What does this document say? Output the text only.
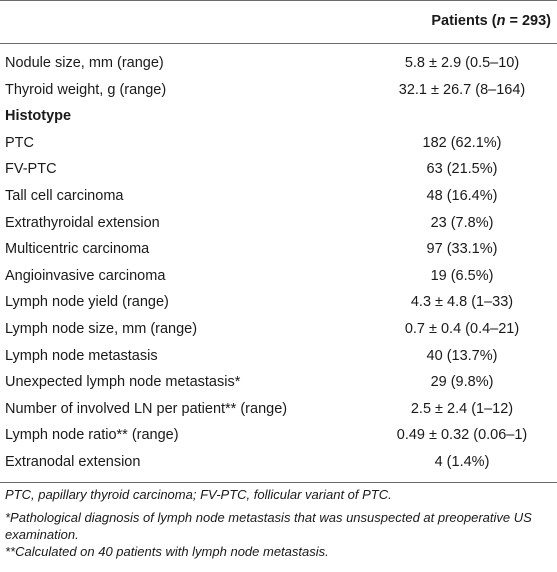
Patients (n = 293)
Nodule size, mm (range)	5.8 ± 2.9 (0.5–10)
Thyroid weight, g (range)	32.1 ± 26.7 (8–164)
Histotype
PTC	182 (62.1%)
FV-PTC	63 (21.5%)
Tall cell carcinoma	48 (16.4%)
Extrathyroidal extension	23 (7.8%)
Multicentric carcinoma	97 (33.1%)
Angioinvasive carcinoma	19 (6.5%)
Lymph node yield (range)	4.3 ± 4.8 (1–33)
Lymph node size, mm (range)	0.7 ± 0.4 (0.4–21)
Lymph node metastasis	40 (13.7%)
Unexpected lymph node metastasis*	29 (9.8%)
Number of involved LN per patient** (range)	2.5 ± 2.4 (1–12)
Lymph node ratio** (range)	0.49 ± 0.32 (0.06–1)
Extranodal extension	4 (1.4%)

PTC, papillary thyroid carcinoma; FV-PTC, follicular variant of PTC.

*Pathological diagnosis of lymph node metastasis that was unsuspected at preoperative US examination.

**Calculated on 40 patients with lymph node metastasis.
